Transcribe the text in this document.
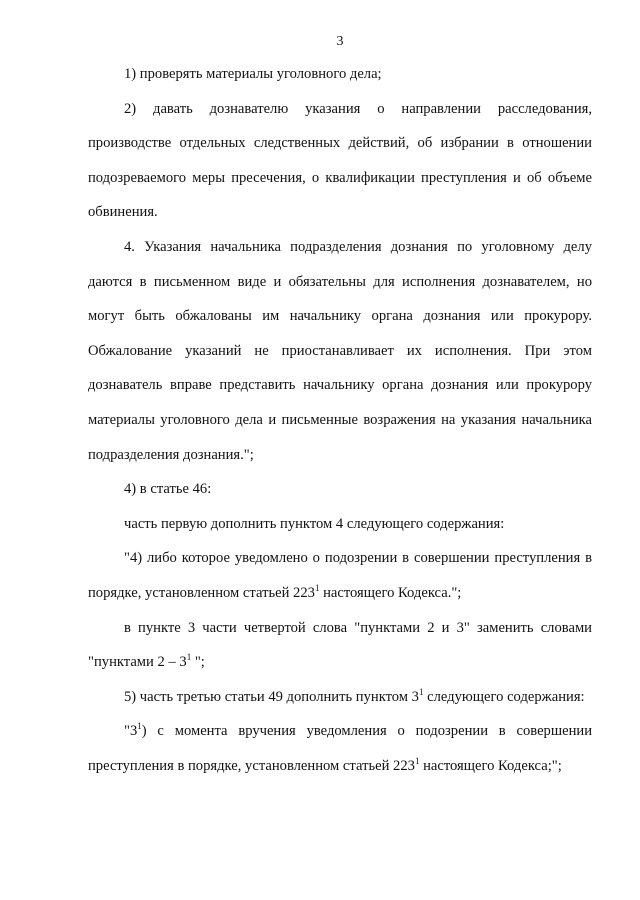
3

1) проверять материалы уголовного дела;

2) давать дознавателю указания о направлении расследования, производстве отдельных следственных действий, об избрании в отношении подозреваемого меры пресечения, о квалификации преступления и об объеме обвинения.

4. Указания начальника подразделения дознания по уголовному делу даются в письменном виде и обязательны для исполнения дознавателем, но могут быть обжалованы им начальнику органа дознания или прокурору. Обжалование указаний не приостанавливает их исполнения. При этом дознаватель вправе представить начальнику органа дознания или прокурору материалы уголовного дела и письменные возражения на указания начальника подразделения дознания.";

4) в статье 46:

часть первую дополнить пунктом 4 следующего содержания:

"4) либо которое уведомлено о подозрении в совершении преступления в порядке, установленном статьей $223^1$ настоящего Кодекса.";

в пункте 3 части четвертой слова "пунктами 2 и 3" заменить словами "пунктами $2 - 3^1$ ";

5) часть третью статьи 49 дополнить пунктом $3^1$ следующего содержания:

"$3^1$) с момента вручения уведомления о подозрении в совершении преступления в порядке, установленном статьей $223^1$ настоящего Кодекса;";
